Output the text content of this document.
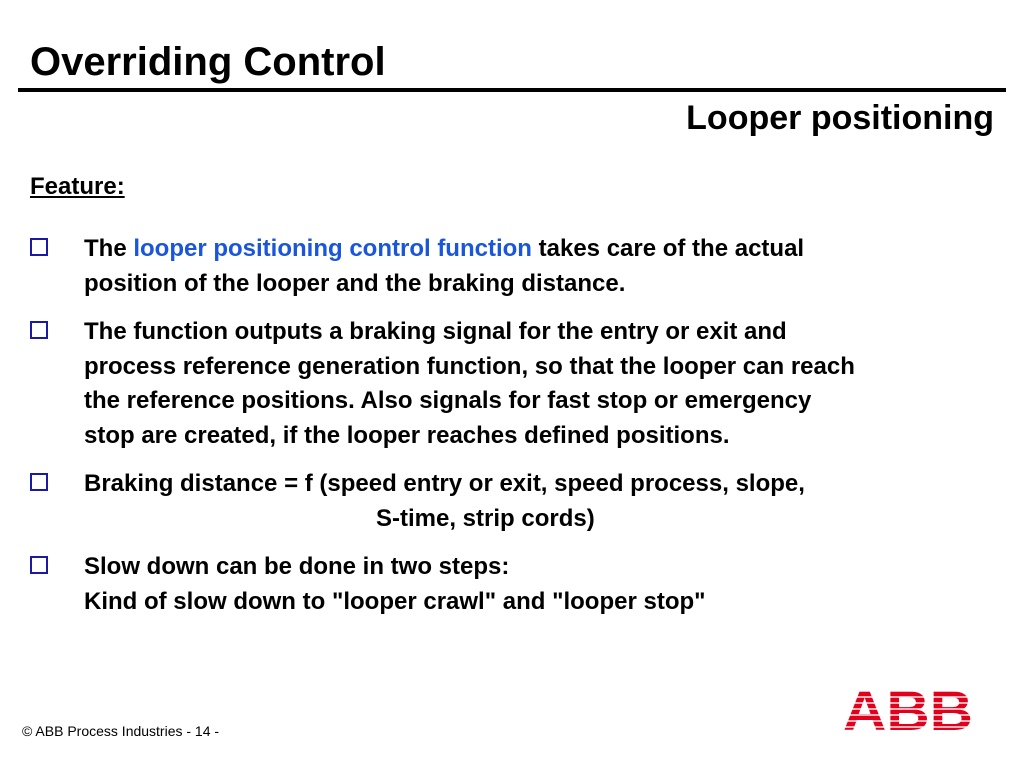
Overriding Control
Looper positioning
Feature:
The looper positioning control function takes care of the actual
position of the looper and the braking distance.
The function outputs a braking signal for the entry or exit and
process reference generation function, so that the looper can reach
the reference positions. Also signals for fast stop or emergency
stop are created, if the looper reaches defined positions.
Braking distance = f (speed entry or exit, speed process, slope,
S-time, strip cords)
Slow down can be done in two steps:
Kind of slow down to "looper crawl" and "looper stop"
© ABB Process Industries - 14 -	ABB
